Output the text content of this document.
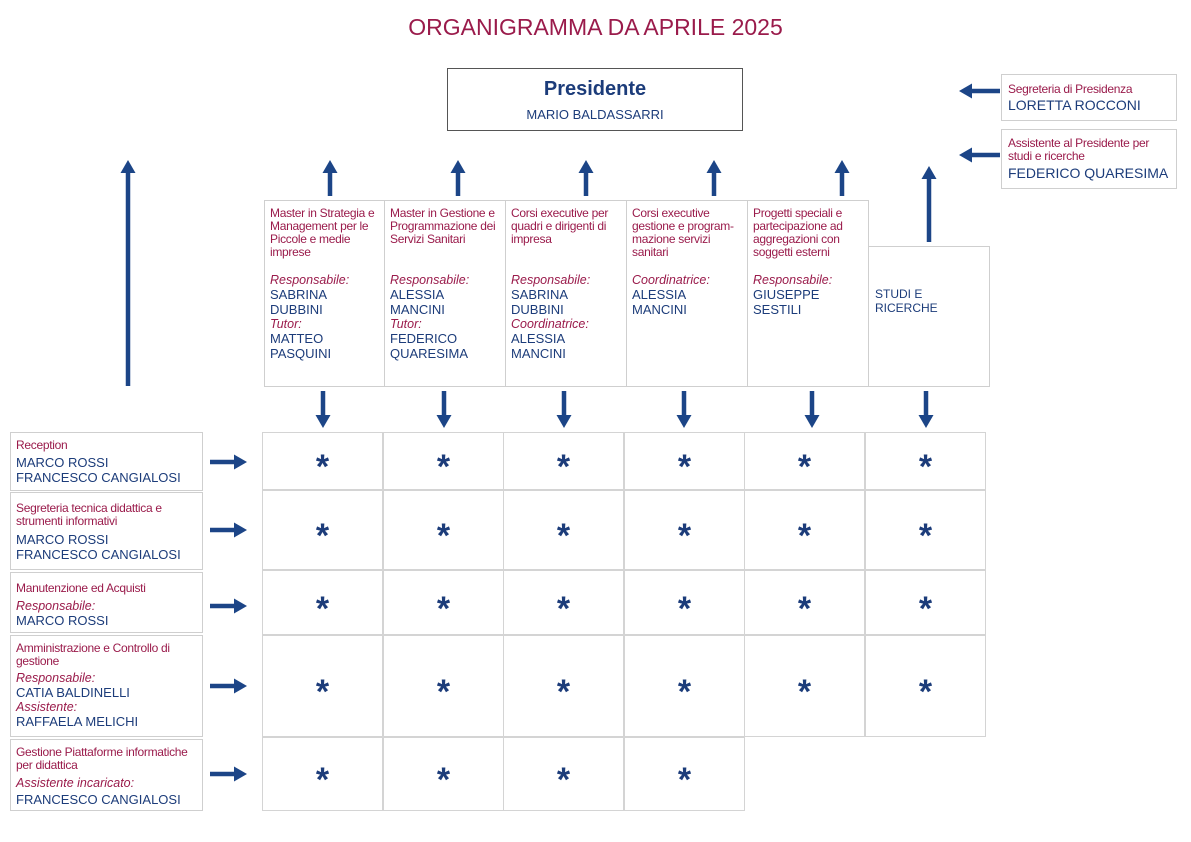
ORGANIGRAMMA DA APRILE 2025
Presidente
MARIO BALDASSARRI
Segreteria di Presidenza
LORETTA ROCCONI
Assistente al Presidente per studi e ricerche
FEDERICO QUARESIMA
Master in Strategia e Management per le Piccole e medie imprese
Responsabile:
SABRINA DUBBINI
Tutor:
MATTEO PASQUINI
Master in Gestione e Programmazione dei Servizi Sanitari
Responsabile:
ALESSIA MANCINI
Tutor:
FEDERICO QUARESIMA
Corsi executive per quadri e dirigenti di impresa
Responsabile:
SABRINA DUBBINI
Coordinatrice:
ALESSIA MANCINI
Corsi executive gestione e program-mazione servizi sanitari
Coordinatrice:
ALESSIA MANCINI
Progetti speciali e partecipazione ad aggregazioni con soggetti esterni
Responsabile:
GIUSEPPE SESTILI
STUDI E RICERCHE
Reception
MARCO ROSSI
FRANCESCO CANGIALOSI
Segreteria tecnica didattica e strumenti informativi
MARCO ROSSI
FRANCESCO CANGIALOSI
Manutenzione ed Acquisti
Responsabile:
MARCO ROSSI
Amministrazione e Controllo di gestione
Responsabile:
CATIA BALDINELLI
Assistente:
RAFFAELA MELICHI
Gestione Piattaforme informatiche per didattica
Assistente incaricato:
FRANCESCO CANGIALOSI
*	*	*	*	*	*
*	*	*	*	*	*
*	*	*	*	*	*
*	*	*	*	*	*
*	*	*	*
